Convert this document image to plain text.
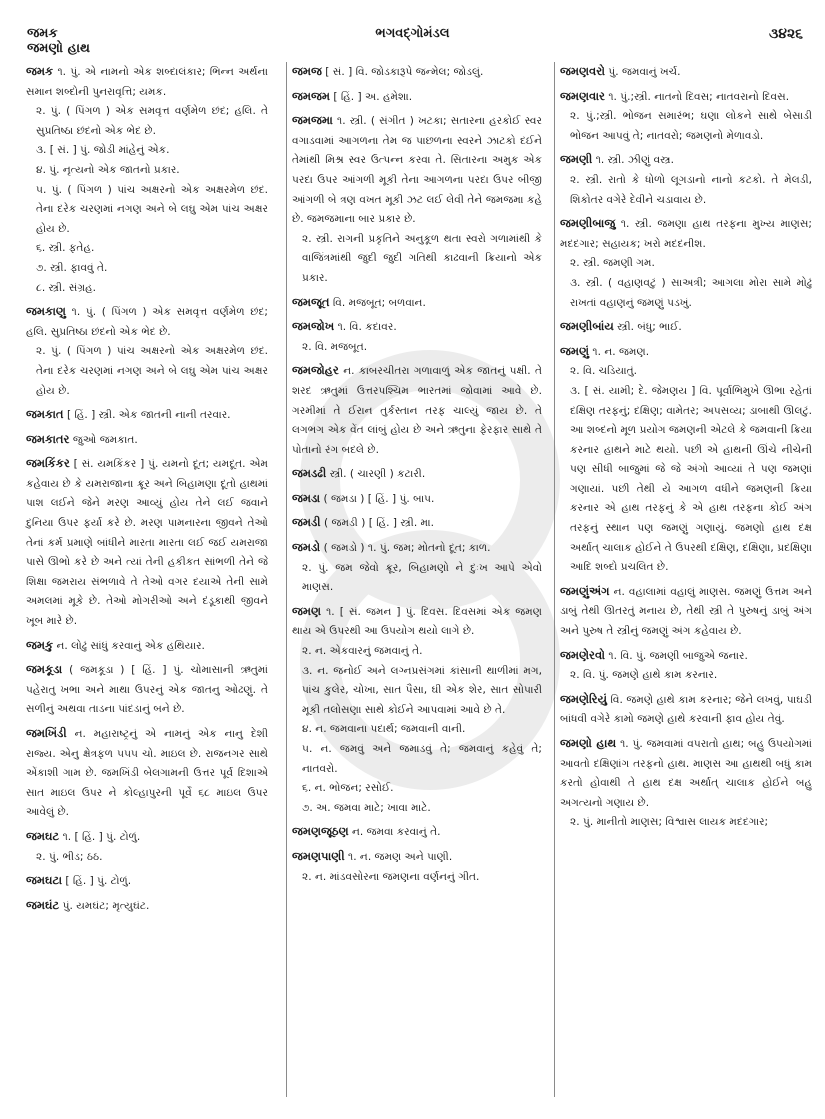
જમક
જમણો હાથ
ભગવદ્ગોમંડલ	૩૪૨૬
જમક ૧. પું. એ નામનો એક શબ્દાલંકાર; ભિન્ન અર્થના સમાન શબ્દોની પુનરાવૃત્તિ; યમક.
૨. પું. ( પિંગળ ) એક સમવૃત્ત વર્ણમેળ છંદ; હલિ. તે સુપ્રતિષ્ઠા છંદનો એક ભેદ છે.
૩. [ સં. ] પું. જોડી માંહેનું એક.
૪. પું. નૃત્યનો એક જાતનો પ્રકાર.
૫. પું. ( પિંગળ ) પાંચ અક્ષરનો એક અક્ષરમેળ છંદ. તેના દરેક ચરણમાં નગણ અને બે લઘુ એમ પાંચ અક્ષર હોય છે.
૬. સ્ત્રી. ફતેહ.
૭. સ્ત્રી. ફાવવું તે.
૮. સ્ત્રી. સંગ્રહ.
જમકાણુ ૧. પું. ( પિંગળ ) એક સમવૃત્ત વર્ણમેળ છંદ; હલિ. સુપ્રતિષ્ઠા છંદનો એક ભેદ છે.
૨. પું. ( પિંગળ ) પાંચ અક્ષરનો એક અક્ષરમેળ છંદ. તેના દરેક ચરણમાં નગણ અને બે લઘુ એમ પાંચ અક્ષર હોય છે.
જમકાત [ હિં. ] સ્ત્રી. એક જાતની નાની તરવાર.
જમકાતર જુઓ જમકાત.
જમકિંકર [ સં. યમકિંકર ] પું. યમનો દૂત; યમદૂત. એમ કહેવાય છે કે યમરાજાના ક્રૂર અને બિહામણા દૂતો હાથમાં પાશ લઈને જેને મરણ આવ્યું હોય તેને લઈ જવાને દુનિયા ઉપર ફર્યા કરે છે. મરણ પામનારના જીવને તેઓ તેનાં કર્મ પ્રમાણે બાંધીને મારતા મારતા લઈ જઈ યમરાજા પાસે ઊભો કરે છે અને ત્યાં તેની હકીકત સાંભળી તેને જે શિક્ષા જમરાય સંભળાવે તે તેઓ વગર દયાએ તેની સામે અમલમાં મૂકે છે. તેઓ મોગરીઓ અને દંડૂકાથી જીવને ખૂબ મારે છે.
જમકુ ન. લોઢું સાંધું કરવાનું એક હથિયાર.
જમકૂડા ( જમકૂડા ) [ હિં. ] પું. ચોમાસાની ઋતુમાં પહેરાતુ ખભા અને માથા ઉપરનું એક જાતનુ ઓઢણું. તે સળીનું અથવા તાડના પાંદડાનું બને છે.
જમખિંડી ન. મહારાષ્ટ્રનું એ નામનું એક નાનુ દેશી રાજ્ય. એનુ ક્ષેત્રફળ ૫૫૫ ચો. માઇલ છે. રાજનગર સાથે એંકાશી ગામ છે. જમખિંડી બેલગામની ઉત્તર પૂર્વ દિશાએ સાત માઇલ ઉપર ને કોલ્હાપુરની પૂર્વે ૬૮ માઇલ ઉપર આવેલું છે.
જમઘટ ૧. [ હિં. ] પું. ટોળું.
૨. પું. ભીડ; ઠઠ.
જમઘટા [ હિં. ] પું. ટોળું.
જમઘંટ પું. યમઘંટ; મૃત્યુઘંટ.
જમજ [ સં. ] વિ. જોડકારૂપે જન્મેલ; જોડલું.
જમજમ [ હિં. ] અ. હમેશા.
જમજમા ૧. સ્ત્રી. ( સંગીત ) ખટકા; સતારના હરકોઈ સ્વર વગાડવામાં આગળના તેમ જ પાછળના સ્વરને ઝાટકો દઈને તેમાંથી મિશ્ર સ્વર ઉત્પન્ન કરવા તે. સિતારના અમુક એક પરદા ઉપર આંગળી મૂકી તેના આગળના પરદા ઉપર બીજી આંગળી બે ત્રણ વખત મૂકી ઝટ લઈ લેવી તેને જમજમા કહે છે. જમજમાના બાર પ્રકાર છે.
૨. સ્ત્રી. રાગની પ્રકૃતિને અનુકૂળ થતા સ્વરો ગળામાંથી કે વાજિંત્રમાંથી જુદી જુદી ગતિથી કાઢવાની ક્રિયાનો એક પ્રકાર.
જમજૂત વિ. મજબૂત; બળવાન.
જમજોખ ૧. વિ. કદાવર.
૨. વિ. મજબૂત.
જમજોહર ન. કાબરચીતરા ગળાવાળું એક જાતનું પક્ષી. તે શરદ ઋતુમાં ઉત્તરપશ્ચિમ ભારતમાં જોવામાં આવે છે. ગરમીમાં તે ઈરાન તુર્કસ્તાન તરફ ચાલ્યું જાય છે. તે લગભગ એક વેંત લાંબું હોય છે અને ઋતુના ફેરફાર સાથે તે પોતાનો રંગ બદલે છે.
જમડઢી સ્ત્રી. ( ચારણી ) કટારી.
જમડા ( જમડા ) [ હિં. ] પું. બાપ.
જમડી ( જમડી ) [ હિં. ] સ્ત્રી. મા.
જમડો ( જમડો ) ૧. પું. જમ; મોતનો દૂત; કાળ.
૨. પું. જમ જેવો ક્રૂર, બિહામણો ને દુઃખ આપે એવો માણસ.
જમણ ૧. [ સં. જમન ] પું. દિવસ. દિવસમાં એક જમણ થાય એ ઉપરથી આ ઉપયોગ થયો લાગે છે.
૨. ન. એકવારનું જમવાનું તે.
૩. ન. જનોઈ અને લગ્નપ્રસંગમાં કાંસાની થાળીમાં મગ, પાંચ કુલેર, ચોખા, સાત પૈસા, ઘી એક શેર, સાત સોપારી મૂકી તલોસણા સાથે કોઈને આપવામાં આવે છે તે.
૪. ન. જમવાના પદાર્થ; જમવાની વાની.
૫. ન. જમવું અને જમાડવું તે; જમવાનું કહેવું તે; નાતવરો.
૬. ન. ભોજન; રસોઈ.
૭. અ. જમવા માટે; ખાવા માટે.
જમણજૂઠણ ન. જમવા કરવાનું તે.
જમણપાણી ૧. ન. જમણ અને પાણી.
૨. ન. માંડવસોરના જમણના વર્ણનનું ગીત.
જમણવરો પું. જમવાનું ખર્ચ.
જમણવાર ૧. પું.;સ્ત્રી. નાતનો દિવસ; નાતવરાનો દિવસ.
૨. પું.;સ્ત્રી. ભોજન સમારંભ; ઘણા લોકને સાથે બેસાડી ભોજન આપવું તે; નાતવરો; જમણનો મેળાવડો.
જમણી ૧. સ્ત્રી. ઝીણું વસ્ત્ર.
૨. સ્ત્રી. રાતો કે ધોળો લૂગડાનો નાનો કટકો. તે મેલડી, શિકોતર વગેરે દેવીને ચડાવાય છે.
જમણીબાજુ ૧. સ્ત્રી. જમણા હાથ તરફના મુખ્ય માણસ; મદદગાર; સહાયક; ખરો મદદનીશ.
૨. સ્ત્રી. જમણી ગમ.
૩. સ્ત્રી. ( વહાણવટું ) સાઅત્રી; આગલા મોરા સામે મોઢું રાખતાં વહાણનું જમણું પડખું.
જમણીબાંય સ્ત્રી. બંધુ; ભાઈ.
જમણું ૧. ન. જમણ.
૨. વિ. ચડિયાતું.
૩. [ સં. યામી; દે. જેમણય ] વિ. પૂર્વાભિમુખે ઊભા રહેતાં દક્ષિણ તરફનું; દક્ષિણ; વામેતર; અપસવ્ય; ડાબાથી ઊલટું. આ શબ્દનો મૂળ પ્રયોગ જમણની એટલે કે જમવાની ક્રિયા કરનાર હાથને માટે થયો. પછી એ હાથની ઊંચે નીચેની પણ સીધી બાજુમાં જે જે અંગો આવ્યાં તે પણ જમણાં ગણાયાં. પછી તેથી યે આગળ વધીને જમણની ક્રિયા કરનાર એ હાથ તરફનું કે એ હાથ તરફના કોઈ અંગ તરફનું સ્થાન પણ જમણું ગણાયું. જમણો હાથ દક્ષ અર્થાત્ ચાલાક હોઈને તે ઉપરથી દક્ષિણ, દક્ષિણા, પ્રદક્ષિણા આદિ શબ્દો પ્રચલિત છે.
જમણુંઅંગ ન. વહાલામાં વહાલું માણસ. જમણું ઉત્તમ અને ડાબું તેથી ઊતરતું મનાય છે, તેથી સ્ત્રી તે પુરુષનું ડાબું અંગ અને પુરુષ તે સ્ત્રીનું જમણું અંગ કહેવાય છે.
જમણેરવો ૧. વિ. પું. જમણી બાજુએ જનાર.
૨. વિ. પું. જમણે હાથે કામ કરનાર.
જમણેરિયું વિ. જમણે હાથે કામ કરનાર; જેને લખવું, પાઘડી બાંધવી વગેરે કામો જમણે હાથે કરવાની ફાવ હોય તેવું.
જમણો હાથ ૧. પું. જમવામાં વપરાતો હાથ; બહુ ઉપયોગમાં આવતો દક્ષિણાંગ તરફનો હાથ. માણસ આ હાથથી બધું કામ કરતો હોવાથી તે હાથ દક્ષ અર્થાત્ ચાલાક હોઈને બહુ અગત્યનો ગણાય છે.
૨. પું. માનીતો માણસ; વિશ્વાસ લાયક મદદગાર;
